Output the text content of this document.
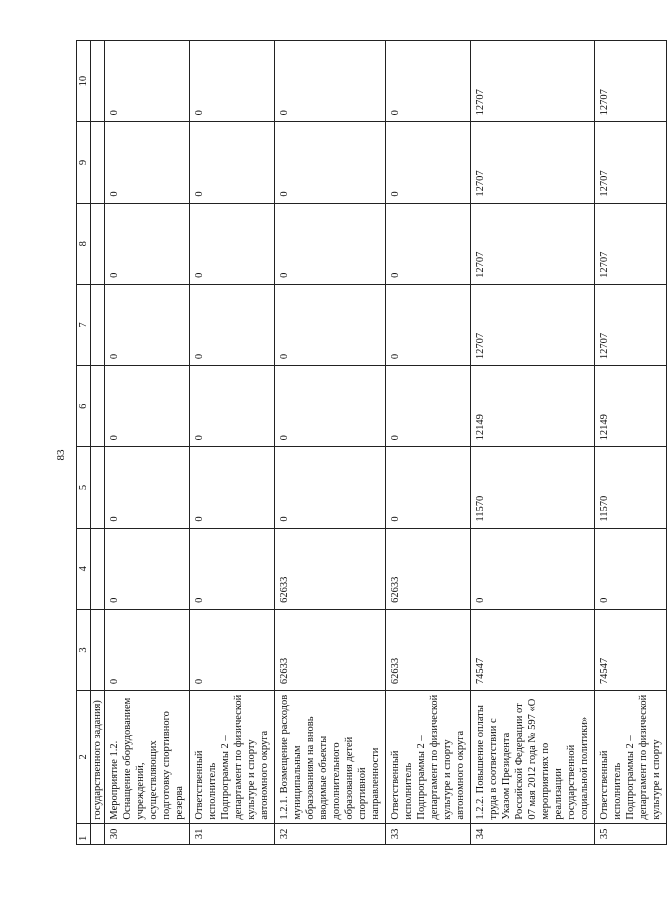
83
1	2	3	4	5	6	7	8	9	10
	государственного задания)								
30	Мероприятие 1.2. Оснащение оборудованием учреждений, осуществляющих подготовку спортивного резерва	0	0	0	0	0	0	0	0
31	Ответственный исполнитель Подпрограммы 2 – департамент по физической культуре и спорту автономного округа	0	0	0	0	0	0	0	0
32	1.2.1. Возмещение расходов муниципальным образованиям на вновь вводимые объекты дополнительного образования детей спортивной направленности	62633	62633	0	0	0	0	0	0
33	Ответственный исполнитель Подпрограммы 2 – департамент по физической культуре и спорту автономного округа	62633	62633	0	0	0	0	0	0
34	1.2.2. Повышение оплаты труда в соответствии с Указом Президента Российской Федерации от 07 мая 2012 года № 597 «О мероприятиях по реализации государственной социальной политики»	74547	0	11570	12149	12707	12707	12707	12707
35	Ответственный исполнитель Подпрограммы 2 – департамент по физической культуре и спорту	74547	0	11570	12149	12707	12707	12707	12707
